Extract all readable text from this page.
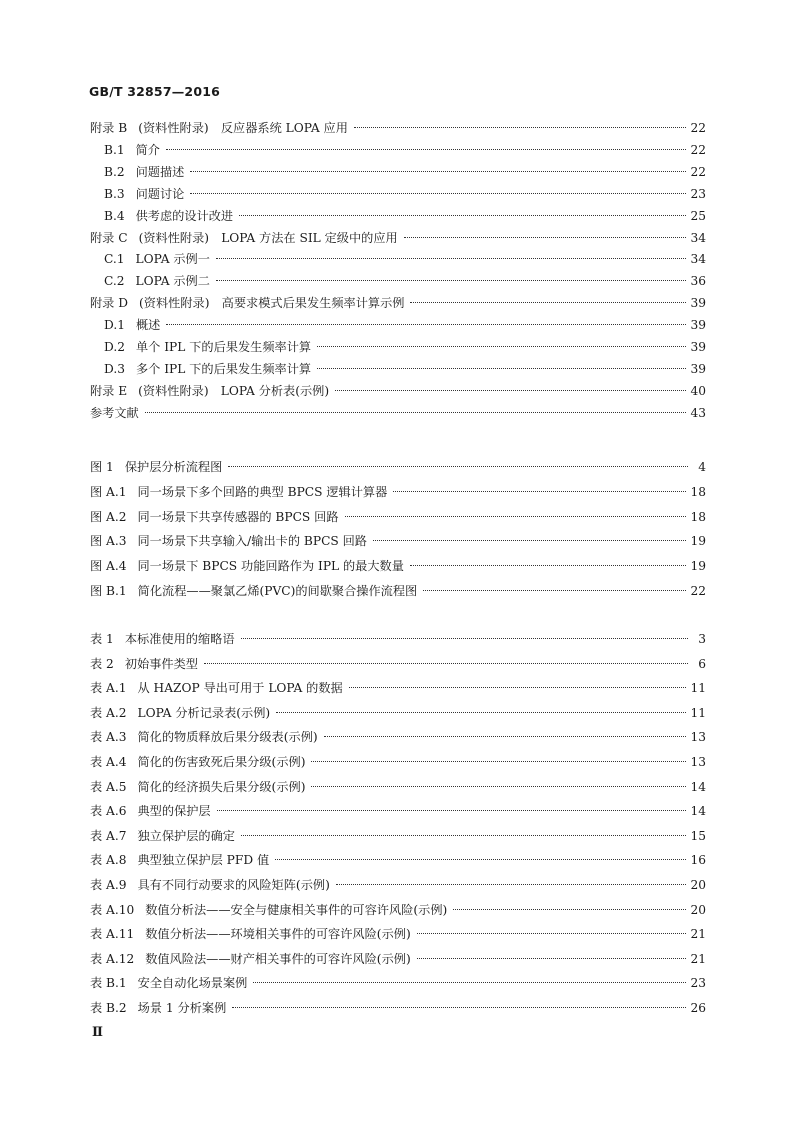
GB/T 32857—2016
附录 B (资料性附录)　反应器系统 LOPA 应用	22
B.1 简介	22
B.2 问题描述	22
B.3 问题讨论	23
B.4 供考虑的设计改进	25
附录 C (资料性附录)　LOPA 方法在 SIL 定级中的应用	34
C.1 LOPA 示例一	34
C.2 LOPA 示例二	36
附录 D (资料性附录)　高要求模式后果发生频率计算示例	39
D.1 概述	39
D.2 单个 IPL 下的后果发生频率计算	39
D.3 多个 IPL 下的后果发生频率计算	39
附录 E (资料性附录)　LOPA 分析表(示例)	40
参考文献	43
图 1 保护层分析流程图	4
图 A.1 同一场景下多个回路的典型 BPCS 逻辑计算器	18
图 A.2 同一场景下共享传感器的 BPCS 回路	18
图 A.3 同一场景下共享输入/输出卡的 BPCS 回路	19
图 A.4 同一场景下 BPCS 功能回路作为 IPL 的最大数量	19
图 B.1 简化流程——聚氯乙烯(PVC)的间歇聚合操作流程图	22
表 1 本标准使用的缩略语	3
表 2 初始事件类型	6
表 A.1 从 HAZOP 导出可用于 LOPA 的数据	11
表 A.2 LOPA 分析记录表(示例)	11
表 A.3 简化的物质释放后果分级表(示例)	13
表 A.4 简化的伤害致死后果分级(示例)	13
表 A.5 简化的经济损失后果分级(示例)	14
表 A.6 典型的保护层	14
表 A.7 独立保护层的确定	15
表 A.8 典型独立保护层 PFD 值	16
表 A.9 具有不同行动要求的风险矩阵(示例)	20
表 A.10 数值分析法——安全与健康相关事件的可容许风险(示例)	20
表 A.11 数值分析法——环境相关事件的可容许风险(示例)	21
表 A.12 数值风险法——财产相关事件的可容许风险(示例)	21
表 B.1 安全自动化场景案例	23
表 B.2 场景 1 分析案例	26
Ⅱ
